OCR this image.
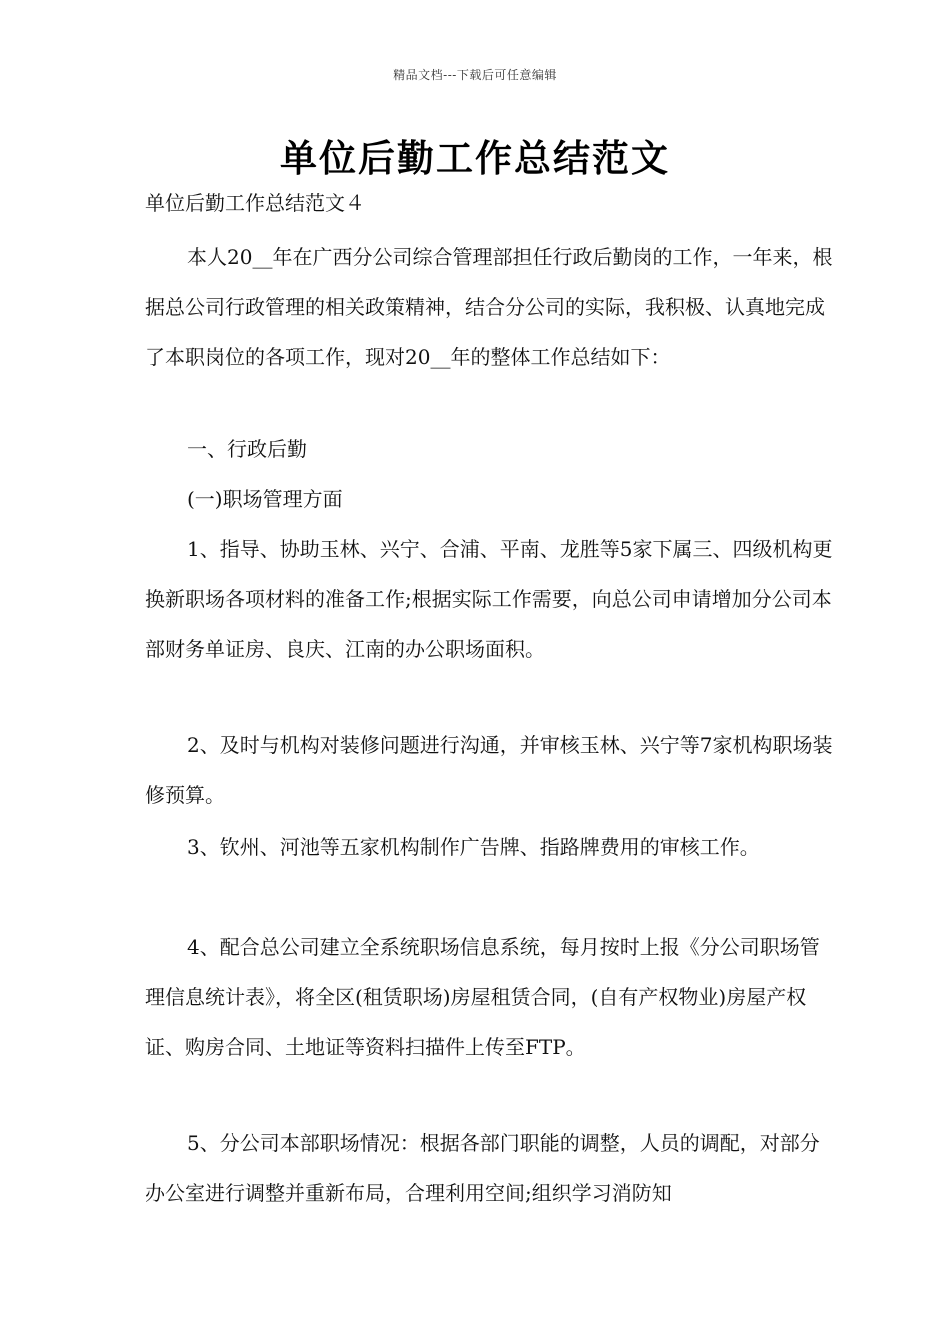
精品文档---下载后可任意编辑
单位后勤工作总结范文

单位后勤工作总结范文４

本人20__年在广西分公司综合管理部担任行政后勤岗的工作，一年来，根据总公司行政管理的相关政策精神，结合分公司的实际，我积极、认真地完成了本职岗位的各项工作，现对20__年的整体工作总结如下：

一、行政后勤

(一)职场管理方面

1、指导、协助玉林、兴宁、合浦、平南、龙胜等5家下属三、四级机构更换新职场各项材料的准备工作;根据实际工作需要，向总公司申请增加分公司本部财务单证房、良庆、江南的办公职场面积。

2、及时与机构对装修问题进行沟通，并审核玉林、兴宁等7家机构职场装修预算。

3、钦州、河池等五家机构制作广告牌、指路牌费用的审核工作。

4、配合总公司建立全系统职场信息系统，每月按时上报《分公司职场管理信息统计表》，将全区(租赁职场)房屋租赁合同，(自有产权物业)房屋产权证、购房合同、土地证等资料扫描件上传至FTP。

5、分公司本部职场情况：根据各部门职能的调整，人员的调配，对部分办公室进行调整并重新布局，合理利用空间;组织学习消防知
